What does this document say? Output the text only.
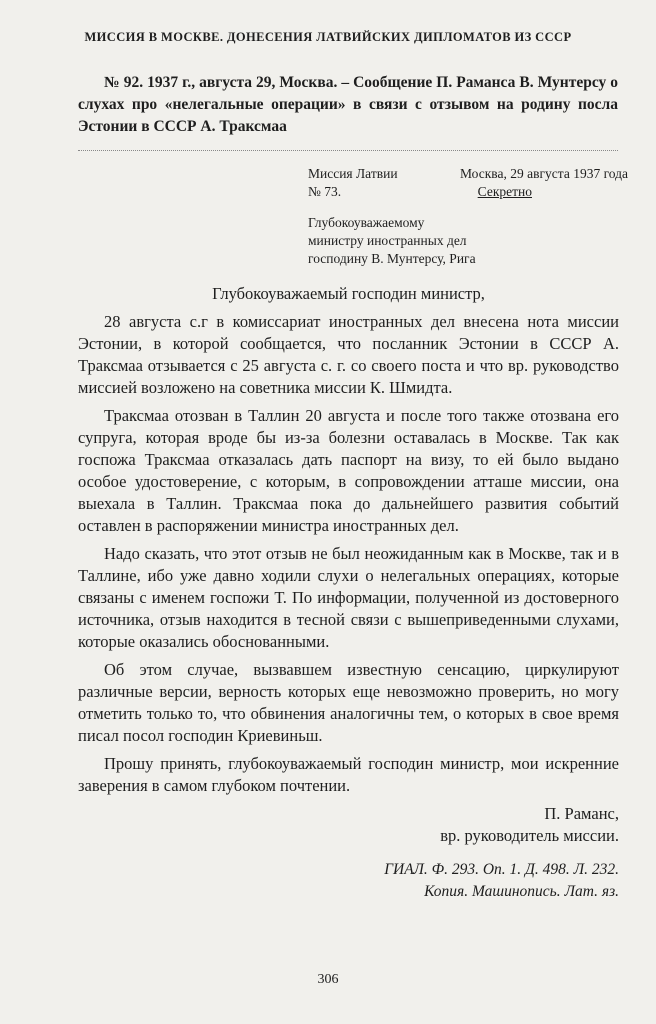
МИССИЯ В МОСКВЕ. ДОНЕСЕНИЯ ЛАТВИЙСКИХ ДИПЛОМАТОВ ИЗ СССР
№ 92. 1937 г., августа 29, Москва. – Сообщение П. Раманса В. Мунтерсу о слухах про «нелегальные операции» в связи с отзывом на родину посла Эстонии в СССР А. Траксмаа
Миссия Латвии	Москва, 29 августа 1937 года
№ 73.	Секретно
Глубокоуважаемому
министру иностранных дел
господину В. Мунтерсу, Рига

Глубокоуважаемый господин министр,

28 августа с.г в комиссариат иностранных дел внесена нота миссии Эстонии, в которой сообщается, что посланник Эстонии в СССР А. Траксмаа отзывается с 25 августа с. г. со своего поста и что вр. руководство миссией возложено на советника миссии К. Шмидта.

Траксмаа отозван в Таллин 20 августа и после того также отозвана его супруга, которая вроде бы из-за болезни оставалась в Москве. Так как госпожа Траксмаа отказалась дать паспорт на визу, то ей было выдано особое удостоверение, с которым, в сопровождении атташе миссии, она выехала в Таллин. Траксмаа пока до дальнейшего развития событий оставлен в распоряжении министра иностранных дел.

Надо сказать, что этот отзыв не был неожиданным как в Москве, так и в Таллине, ибо уже давно ходили слухи о нелегальных операциях, которые связаны с именем госпожи Т. По информации, полученной из достоверного источника, отзыв находится в тесной связи с вышеприведенными слухами, которые оказались обоснованными.

Об этом случае, вызвавшем известную сенсацию, циркулируют различные версии, верность которых еще невозможно проверить, но могу отметить только то, что обвинения аналогичны тем, о которых в свое время писал посол господин Криевиньш.

Прошу принять, глубокоуважаемый господин министр, мои искренние заверения в самом глубоком почтении.

П. Раманс,
вр. руководитель миссии.
ГИАЛ. Ф. 293. Оп. 1. Д. 498. Л. 232.
Копия. Машинопись. Лат. яз.
306
